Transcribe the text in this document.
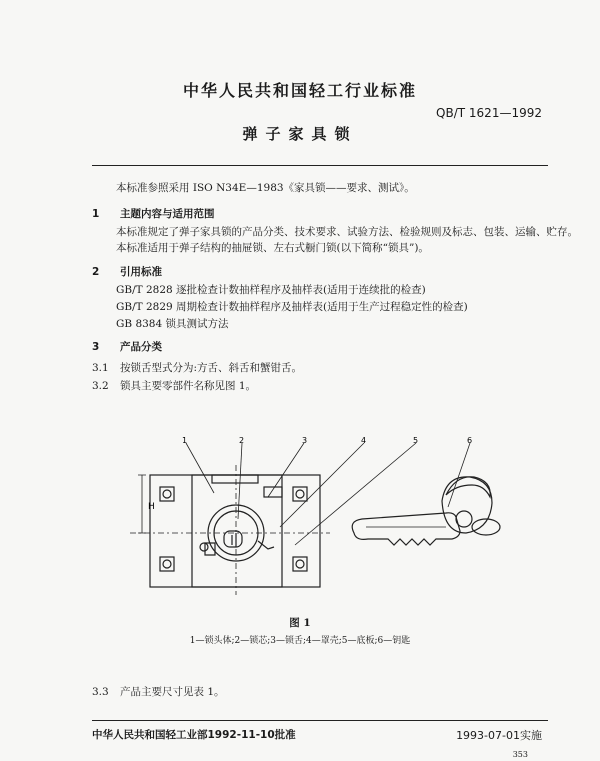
中华人民共和国轻工行业标准
QB/T 1621—1992
弹子家具锁
本标准参照采用 ISO N34E—1983《家具锁——要求、测试》。
1 主题内容与适用范围
本标准规定了弹子家具锁的产品分类、技术要求、试验方法、检验规则及标志、包装、运输、贮存。
本标准适用于弹子结构的抽屉锁、左右式橱门锁(以下简称“锁具”)。
2 引用标准
GB/T 2828 逐批检查计数抽样程序及抽样表(适用于连续批的检查)
GB/T 2829 周期检查计数抽样程序及抽样表(适用于生产过程稳定性的检查)
GB 8384 锁具测试方法
3 产品分类
3.1 按锁舌型式分为:方舌、斜舌和蟹钳舌。
3.2 锁具主要零部件名称见图 1。
H
1	2	3	4	5	6
图 1
1—锁头体;2—锁芯;3—锁舌;4—罩壳;5—底板;6—钥匙
3.3 产品主要尺寸见表 1。
中华人民共和国轻工业部1992-11-10批准	1993-07-01实施
353
